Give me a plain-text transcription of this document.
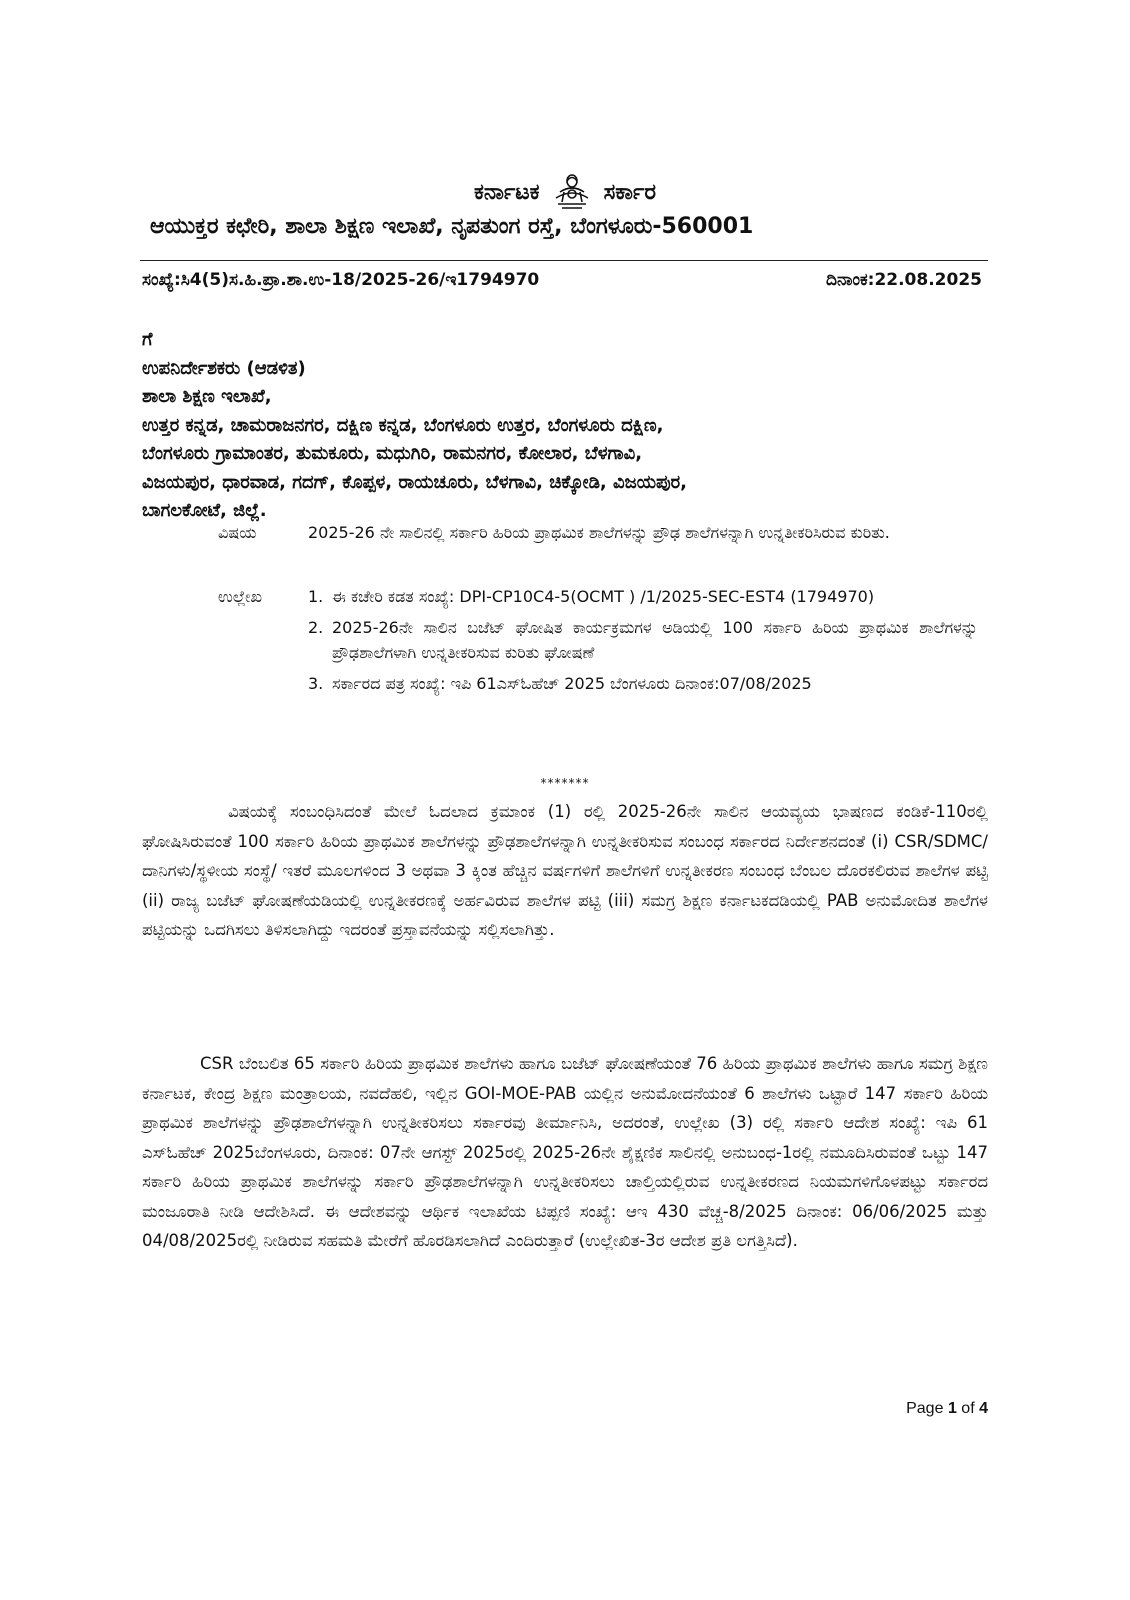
ಕರ್ನಾಟಕ	ಸರ್ಕಾರ
ಆಯುಕ್ತರ ಕಛೇರಿ, ಶಾಲಾ ಶಿಕ್ಷಣ ಇಲಾಖೆ, ನೃಪತುಂಗ ರಸ್ತೆ, ಬೆಂಗಳೂರು-560001
ಸಂಖ್ಯೆ:ಸಿ4(5)ಸ.ಹಿ.ಪ್ರಾ.ಶಾ.ಉ-18/2025-26/ಇ1794970	ದಿನಾಂಕ:22.08.2025
ಗೆ
ಉಪನಿರ್ದೇಶಕರು (ಆಡಳಿತ)
ಶಾಲಾ ಶಿಕ್ಷಣ ಇಲಾಖೆ,
ಉತ್ತರ ಕನ್ನಡ, ಚಾಮರಾಜನಗರ, ದಕ್ಷಿಣ ಕನ್ನಡ, ಬೆಂಗಳೂರು ಉತ್ತರ, ಬೆಂಗಳೂರು ದಕ್ಷಿಣ,
ಬೆಂಗಳೂರು ಗ್ರಾಮಾಂತರ, ತುಮಕೂರು, ಮಧುಗಿರಿ, ರಾಮನಗರ, ಕೋಲಾರ, ಬೆಳಗಾವಿ,
ವಿಜಯಪುರ, ಧಾರವಾಡ, ಗದಗ್, ಕೊಪ್ಪಳ, ರಾಯಚೂರು, ಬೆಳಗಾವಿ, ಚಿಕ್ಕೋಡಿ, ವಿಜಯಪುರ,
ಬಾಗಲಕೋಟೆ, ಜಿಲ್ಲೆ.
ವಿಷಯ	2025-26 ನೇ ಸಾಲಿನಲ್ಲಿ ಸರ್ಕಾರಿ ಹಿರಿಯ ಪ್ರಾಥಮಿಕ ಶಾಲೆಗಳನ್ನು ಪ್ರೌಢ ಶಾಲೆಗಳನ್ನಾಗಿ ಉನ್ನತೀಕರಿಸಿರುವ ಕುರಿತು.
ಉಲ್ಲೇಖ	1. ಈ ಕಚೇರಿ ಕಡತ ಸಂಖ್ಯೆ: DPI-CP10C4-5(OCMT ) /1/2025-SEC-EST4 (1794970)
2. 2025-26ನೇ ಸಾಲಿನ ಬಜೆಟ್ ಘೋಷಿತ ಕಾರ್ಯಕ್ರಮಗಳ ಅಡಿಯಲ್ಲಿ 100 ಸರ್ಕಾರಿ ಹಿರಿಯ ಪ್ರಾಥಮಿಕ ಶಾಲೆಗಳನ್ನು ಪ್ರೌಢಶಾಲೆಗಳಾಗಿ ಉನ್ನತೀಕರಿಸುವ ಕುರಿತು ಘೋಷಣೆ
3. ಸರ್ಕಾರದ ಪತ್ರ ಸಂಖ್ಯೆ: ಇಪಿ 61ಎಸ್‌ಓಹೆಚ್ 2025 ಬೆಂಗಳೂರು ದಿನಾಂಕ:07/08/2025
*******

ವಿಷಯಕ್ಕೆ ಸಂಬಂಧಿಸಿದಂತೆ ಮೇಲೆ ಓದಲಾದ ಕ್ರಮಾಂಕ (1) ರಲ್ಲಿ 2025-26ನೇ ಸಾಲಿನ ಆಯವ್ಯಯ ಭಾಷಣದ ಕಂಡಿಕೆ-110ರಲ್ಲಿ ಘೋಷಿಸಿರುವಂತೆ 100 ಸರ್ಕಾರಿ ಹಿರಿಯ ಪ್ರಾಥಮಿಕ ಶಾಲೆಗಳನ್ನು ಪ್ರೌಢಶಾಲೆಗಳನ್ನಾಗಿ ಉನ್ನತೀಕರಿಸುವ ಸಂಬಂಧ ಸರ್ಕಾರದ ನಿರ್ದೇಶನದಂತೆ (i) CSR/SDMC/ದಾನಿಗಳು/ಸ್ಥಳೀಯ ಸಂಸ್ಥೆ/ ಇತರೆ ಮೂಲಗಳಿಂದ 3 ಅಥವಾ 3 ಕ್ಕಿಂತ ಹೆಚ್ಚಿನ ವರ್ಷಗಳಿಗೆ ಶಾಲೆಗಳಿಗೆ ಉನ್ನತೀಕರಣ ಸಂಬಂಧ ಬೆಂಬಲ ದೊರಕಲಿರುವ ಶಾಲೆಗಳ ಪಟ್ಟಿ (ii) ರಾಜ್ಯ ಬಜೆಟ್ ಘೋಷಣೆಯಡಿಯಲ್ಲಿ ಉನ್ನತೀಕರಣಕ್ಕೆ ಅರ್ಹವಿರುವ ಶಾಲೆಗಳ ಪಟ್ಟಿ (iii) ಸಮಗ್ರ ಶಿಕ್ಷಣ ಕರ್ನಾಟಕದಡಿಯಲ್ಲಿ PAB ಅನುಮೋದಿತ ಶಾಲೆಗಳ ಪಟ್ಟಿಯನ್ನು ಒದಗಿಸಲು ತಿಳಿಸಲಾಗಿದ್ದು ಇದರಂತೆ ಪ್ರಸ್ತಾವನೆಯನ್ನು ಸಲ್ಲಿಸಲಾಗಿತ್ತು.

CSR ಬೆಂಬಲಿತ 65 ಸರ್ಕಾರಿ ಹಿರಿಯ ಪ್ರಾಥಮಿಕ ಶಾಲೆಗಳು ಹಾಗೂ ಬಜೆಟ್ ಘೋಷಣೆಯಂತೆ 76 ಹಿರಿಯ ಪ್ರಾಥಮಿಕ ಶಾಲೆಗಳು ಹಾಗೂ ಸಮಗ್ರ ಶಿಕ್ಷಣ ಕರ್ನಾಟಕ, ಕೇಂದ್ರ ಶಿಕ್ಷಣ ಮಂತ್ರಾಲಯ, ನವದೆಹಲಿ, ಇಲ್ಲಿನ GOI-MOE-PAB ಯಲ್ಲಿನ ಅನುಮೋದನೆಯಂತೆ 6 ಶಾಲೆಗಳು ಒಟ್ಟಾರೆ 147 ಸರ್ಕಾರಿ ಹಿರಿಯ ಪ್ರಾಥಮಿಕ ಶಾಲೆಗಳನ್ನು ಪ್ರೌಢಶಾಲೆಗಳನ್ನಾಗಿ ಉನ್ನತೀಕರಿಸಲು ಸರ್ಕಾರವು ತೀರ್ಮಾನಿಸಿ, ಅದರಂತೆ, ಉಲ್ಲೇಖ (3) ರಲ್ಲಿ ಸರ್ಕಾರಿ ಆದೇಶ ಸಂಖ್ಯೆ: ಇಪಿ 61 ಎಸ್‌ಓಹೆಚ್ 2025ಬೆಂಗಳೂರು, ದಿನಾಂಕ: 07ನೇ ಆಗಸ್ಟ್ 2025ರಲ್ಲಿ 2025-26ನೇ ಶೈಕ್ಷಣಿಕ ಸಾಲಿನಲ್ಲಿ ಅನುಬಂಧ-1ರಲ್ಲಿ ನಮೂದಿಸಿರುವಂತೆ ಒಟ್ಟು 147 ಸರ್ಕಾರಿ ಹಿರಿಯ ಪ್ರಾಥಮಿಕ ಶಾಲೆಗಳನ್ನು ಸರ್ಕಾರಿ ಪ್ರೌಢಶಾಲೆಗಳನ್ನಾಗಿ ಉನ್ನತೀಕರಿಸಲು ಚಾಲ್ತಿಯಲ್ಲಿರುವ ಉನ್ನತೀಕರಣದ ನಿಯಮಗಳಿಗೊಳಪಟ್ಟು ಸರ್ಕಾರದ ಮಂಜೂರಾತಿ ನೀಡಿ ಆದೇಶಿಸಿದೆ. ಈ ಆದೇಶವನ್ನು ಆರ್ಥಿಕ ಇಲಾಖೆಯ ಟಿಪ್ಪಣಿ ಸಂಖ್ಯೆ: ಆಇ 430 ವೆಚ್ಚ-8/2025 ದಿನಾಂಕ: 06/06/2025 ಮತ್ತು 04/08/2025ರಲ್ಲಿ ನೀಡಿರುವ ಸಹಮತಿ ಮೇರೆಗೆ ಹೊರಡಿಸಲಾಗಿದೆ ಎಂದಿರುತ್ತಾರೆ (ಉಲ್ಲೇಖಿತ-3ರ ಆದೇಶ ಪ್ರತಿ ಲಗತ್ತಿಸಿದೆ).

Page 1 of 4
